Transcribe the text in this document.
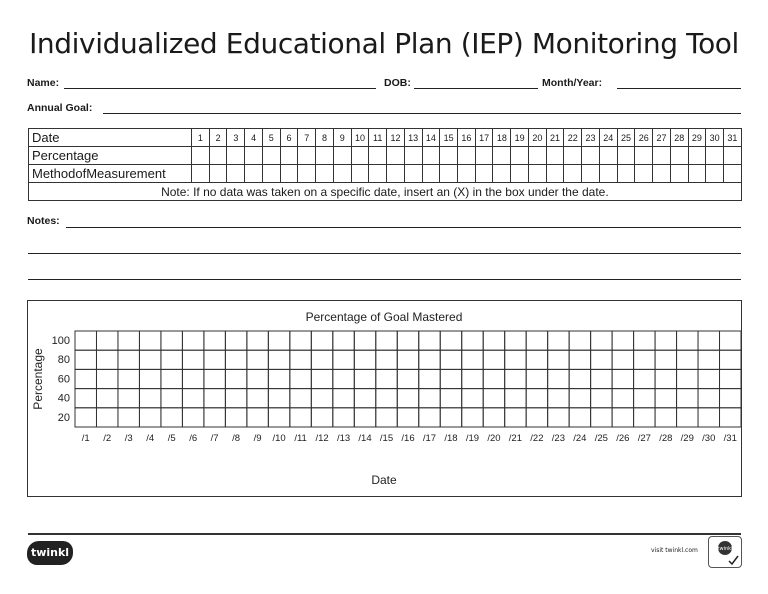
Individualized Educational Plan (IEP) Monitoring Tool
Name:	DOB:	Month/Year:
Annual Goal:
Date	1	2	3	4	5	6	7	8	9	10	11	12	13	14	15	16	17	18	19	20	21	22	23	24	25	26	27	28	29	30	31
Percentage																															
MethodofMeasurement																															
Note: If no data was taken on a specific date, insert an (X) in the box under the date.																															
Notes:
Percentage of Goal Mastered
100
80
60
40
20
/1 /2 /3 /4 /5 /6 /7 /8 /9 /10 /11 /12 /13 /14 /15 /16 /17 /18 /19 /20 /21 /22 /23 /24 /25 /26 /27 /28 /29 /30 /31
Date
Percentage
twinkl	visit twinkl.com	twinkl
